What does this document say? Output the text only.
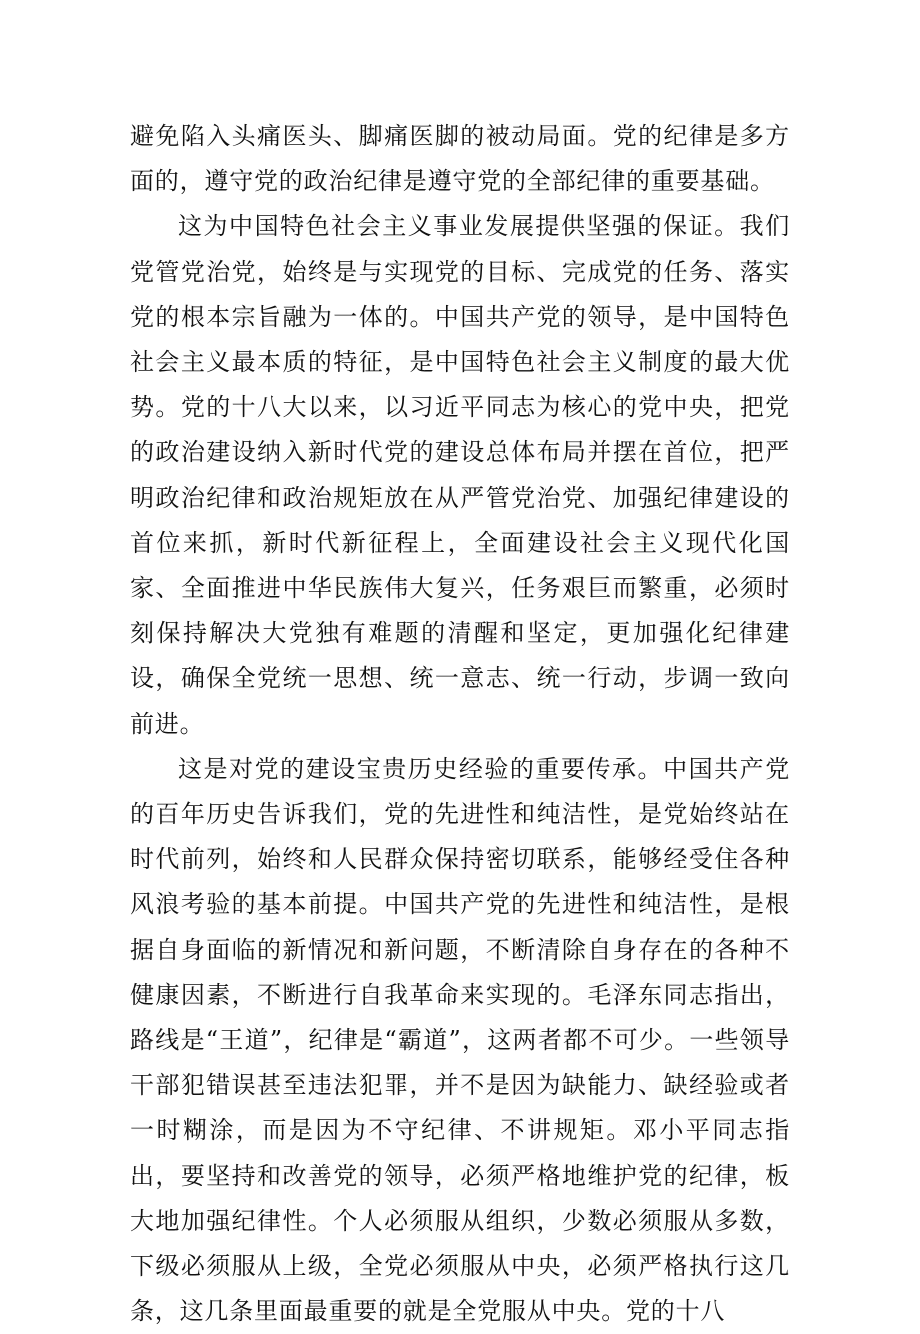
避免陷入头痛医头、脚痛医脚的被动局面。党的纪律是多方面的，遵守党的政治纪律是遵守党的全部纪律的重要基础。

这为中国特色社会主义事业发展提供坚强的保证。我们党管党治党，始终是与实现党的目标、完成党的任务、落实党的根本宗旨融为一体的。中国共产党的领导，是中国特色社会主义最本质的特征，是中国特色社会主义制度的最大优势。党的十八大以来，以习近平同志为核心的党中央，把党的政治建设纳入新时代党的建设总体布局并摆在首位，把严明政治纪律和政治规矩放在从严管党治党、加强纪律建设的首位来抓，新时代新征程上，全面建设社会主义现代化国家、全面推进中华民族伟大复兴，任务艰巨而繁重，必须时刻保持解决大党独有难题的清醒和坚定，更加强化纪律建设，确保全党统一思想、统一意志、统一行动，步调一致向前进。

这是对党的建设宝贵历史经验的重要传承。中国共产党的百年历史告诉我们，党的先进性和纯洁性，是党始终站在时代前列，始终和人民群众保持密切联系，能够经受住各种风浪考验的基本前提。中国共产党的先进性和纯洁性，是根据自身面临的新情况和新问题，不断清除自身存在的各种不健康因素，不断进行自我革命来实现的。毛泽东同志指出，路线是“王道”，纪律是“霸道”，这两者都不可少。一些领导干部犯错误甚至违法犯罪，并不是因为缺能力、缺经验或者一时糊涂，而是因为不守纪律、不讲规矩。邓小平同志指出，要坚持和改善党的领导，必须严格地维护党的纪律，板大地加强纪律性。个人必须服从组织，少数必须服从多数，下级必须服从上级，全党必须服从中央，必须严格执行这几条，这几条里面最重要的就是全党服从中央。党的十八
